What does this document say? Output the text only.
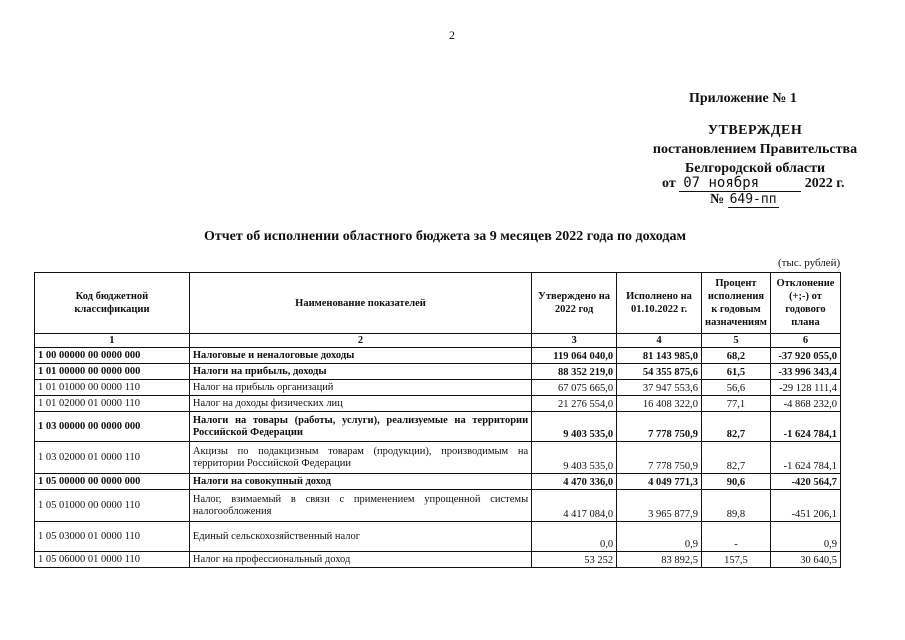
2
Приложение № 1
УТВЕРЖДЕН
постановлением Правительства
Белгородской области
от 07 ноября	2022 г.
№ 649-пп
Отчет об исполнении областного бюджета за 9 месяцев 2022 года по доходам
(тыс. рублей)
Код бюджетной классификации	Наименование показателей	Утверждено на 2022 год	Исполнено на 01.10.2022 г.	Процент исполнения к годовым назначениям	Отклонение (+;-) от годового плана
1	2	3	4	5	6
1 00 00000 00 0000 000	Налоговые и неналоговые доходы	119 064 040,0	81 143 985,0	68,2	-37 920 055,0
1 01 00000 00 0000 000	Налоги на прибыль, доходы	88 352 219,0	54 355 875,6	61,5	-33 996 343,4
1 01 01000 00 0000 110	Налог на прибыль организаций	67 075 665,0	37 947 553,6	56,6	-29 128 111,4
1 01 02000 01 0000 110	Налог на доходы физических лиц	21 276 554,0	16 408 322,0	77,1	-4 868 232,0
1 03 00000 00 0000 000	Налоги на товары (работы, услуги), реализуемые на территории Российской Федерации	9 403 535,0	7 778 750,9	82,7	-1 624 784,1
1 03 02000 01 0000 110	Акцизы по подакцизным товарам (продукции), производимым на территории Российской Федерации	9 403 535,0	7 778 750,9	82,7	-1 624 784,1
1 05 00000 00 0000 000	Налоги на совокупный доход	4 470 336,0	4 049 771,3	90,6	-420 564,7
1 05 01000 00 0000 110	Налог, взимаемый в связи с применением упрощенной системы налогообложения	4 417 084,0	3 965 877,9	89,8	-451 206,1
1 05 03000 01 0000 110	Единый сельскохозяйственный налог	0,0	0,9	-	0,9
1 05 06000 01 0000 110	Налог на профессиональный доход	53 252	83 892,5	157,5	30 640,5
